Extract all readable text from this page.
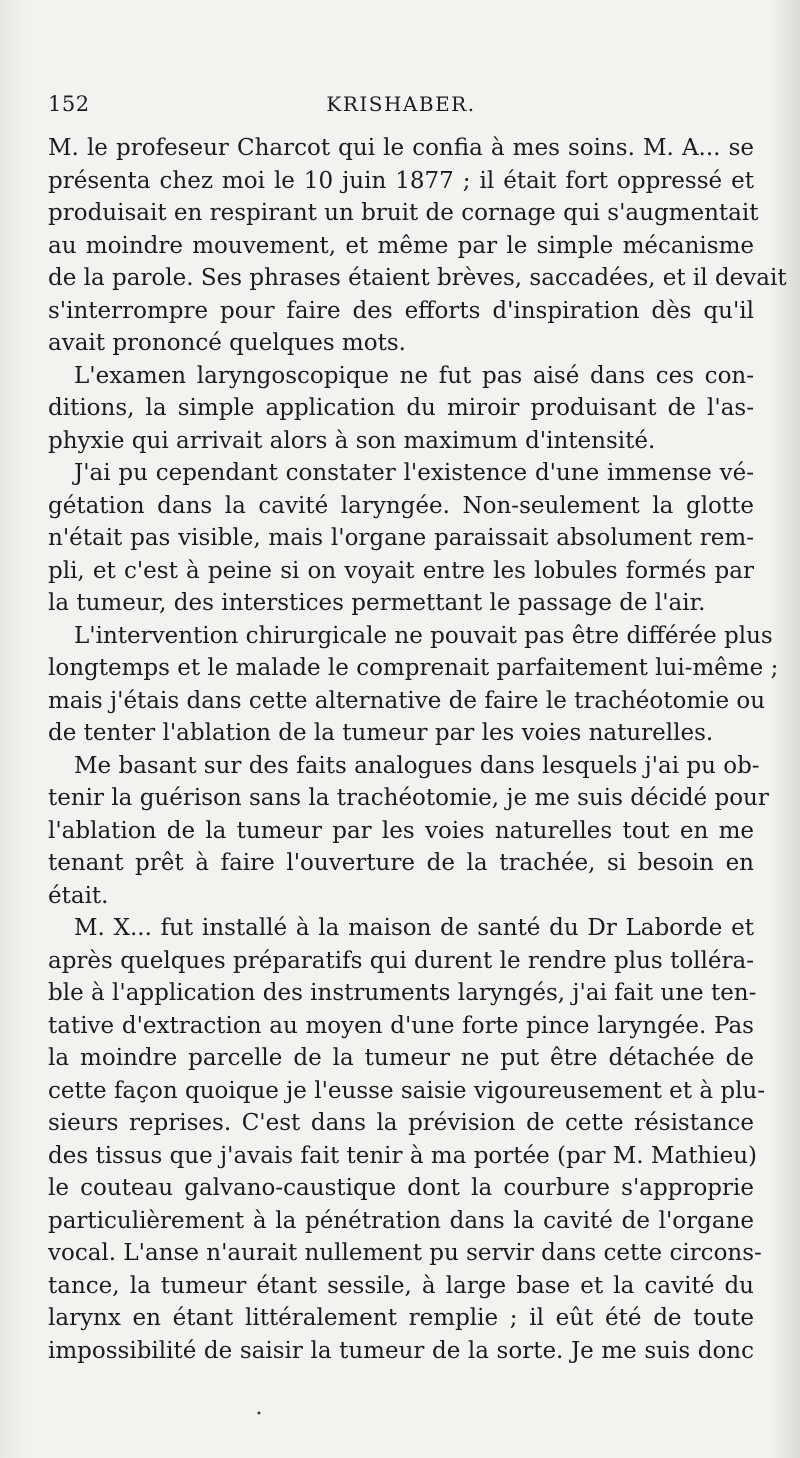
152	KRISHABER.
M. le profeseur Charcot qui le confia à mes soins. M. A... se
présenta chez moi le 10 juin 1877 ; il était fort oppressé et
produisait en respirant un bruit de cornage qui s'augmentait
au moindre mouvement, et même par le simple mécanisme
de la parole. Ses phrases étaient brèves, saccadées, et il devait
s'interrompre pour faire des efforts d'inspiration dès qu'il
avait prononcé quelques mots.
L'examen laryngoscopique ne fut pas aisé dans ces con-
ditions, la simple application du miroir produisant de l'as-
phyxie qui arrivait alors à son maximum d'intensité.
J'ai pu cependant constater l'existence d'une immense vé-
gétation dans la cavité laryngée. Non-seulement la glotte
n'était pas visible, mais l'organe paraissait absolument rem-
pli, et c'est à peine si on voyait entre les lobules formés par
la tumeur, des interstices permettant le passage de l'air.
L'intervention chirurgicale ne pouvait pas être différée plus
longtemps et le malade le comprenait parfaitement lui-même ;
mais j'étais dans cette alternative de faire le trachéotomie ou
de tenter l'ablation de la tumeur par les voies naturelles.
Me basant sur des faits analogues dans lesquels j'ai pu ob-
tenir la guérison sans la trachéotomie, je me suis décidé pour
l'ablation de la tumeur par les voies naturelles tout en me
tenant prêt à faire l'ouverture de la trachée, si besoin en
était.
M. X... fut installé à la maison de santé du Dr Laborde et
après quelques préparatifs qui durent le rendre plus tolléra-
ble à l'application des instruments laryngés, j'ai fait une ten-
tative d'extraction au moyen d'une forte pince laryngée. Pas
la moindre parcelle de la tumeur ne put être détachée de
cette façon quoique je l'eusse saisie vigoureusement et à plu-
sieurs reprises. C'est dans la prévision de cette résistance
des tissus que j'avais fait tenir à ma portée (par M. Mathieu)
le couteau galvano-caustique dont la courbure s'approprie
particulièrement à la pénétration dans la cavité de l'organe
vocal. L'anse n'aurait nullement pu servir dans cette circons-
tance, la tumeur étant sessile, à large base et la cavité du
larynx en étant littéralement remplie ; il eût été de toute
impossibilité de saisir la tumeur de la sorte. Je me suis donc
•
